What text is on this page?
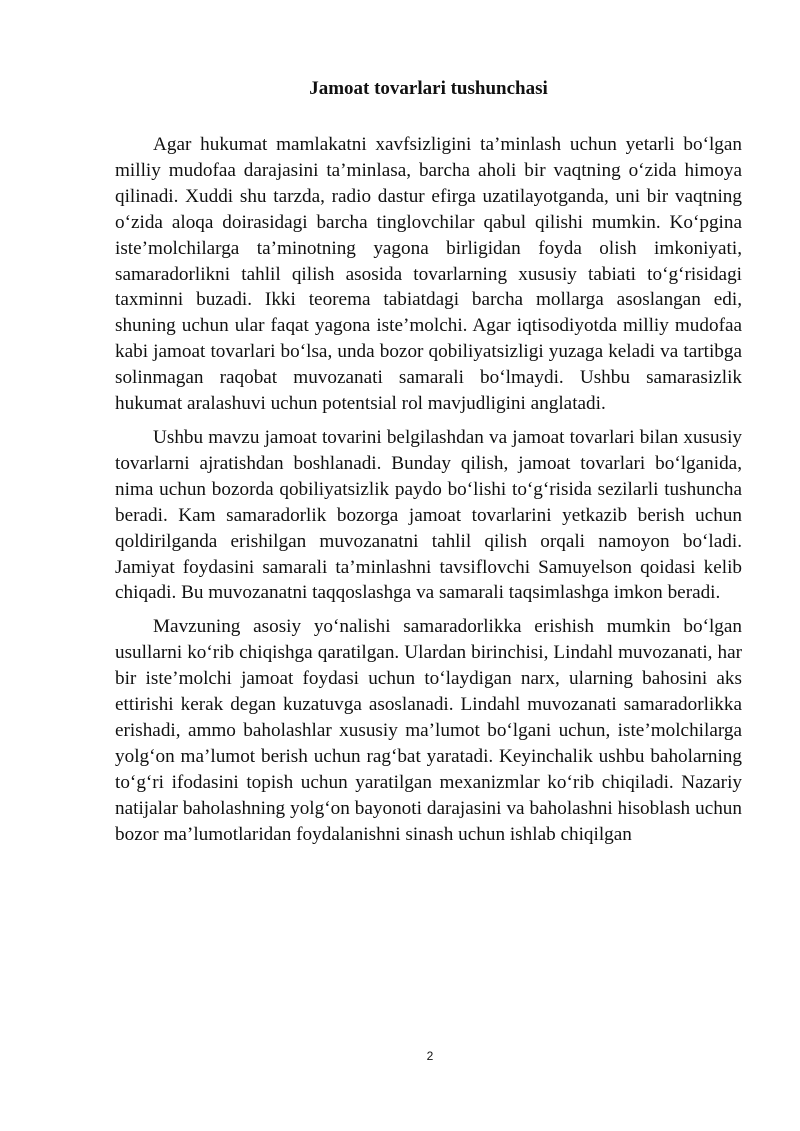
Jamoat tovarlari tushunchasi

Agar hukumat mamlakatni xavfsizligini ta’minlash uchun yetarli bo‘lgan milliy mudofaa darajasini ta’minlasa, barcha aholi bir vaqtning o‘zida himoya qilinadi. Xuddi shu tarzda, radio dastur efirga uzatilayotganda, uni bir vaqtning o‘zida aloqa doirasidagi barcha tinglovchilar qabul qilishi mumkin. Ko‘pgina iste’molchilarga ta’minotning yagona birligidan foyda olish imkoniyati, samaradorlikni tahlil qilish asosida tovarlarning xususiy tabiati to‘g‘risidagi taxminni buzadi. Ikki teorema tabiatdagi barcha mollarga asoslangan edi, shuning uchun ular faqat yagona iste’molchi. Agar iqtisodiyotda milliy mudofaa kabi jamoat tovarlari bo‘lsa, unda bozor qobiliyatsizligi yuzaga keladi va tartibga solinmagan raqobat muvozanati samarali bo‘lmaydi. Ushbu samarasizlik hukumat aralashuvi uchun potentsial rol mavjudligini anglatadi.

Ushbu mavzu jamoat tovarini belgilashdan va jamoat tovarlari bilan xususiy tovarlarni ajratishdan boshlanadi. Bunday qilish, jamoat tovarlari bo‘lganida, nima uchun bozorda qobiliyatsizlik paydo bo‘lishi to‘g‘risida sezilarli tushuncha beradi. Kam samaradorlik bozorga jamoat tovarlarini yetkazib berish uchun qoldirilganda erishilgan muvozanatni tahlil qilish orqali namoyon bo‘ladi. Jamiyat foydasini samarali ta’minlashni tavsiflovchi Samuyelson qoidasi kelib chiqadi. Bu muvozanatni taqqoslashga va samarali taqsimlashga imkon beradi.

Mavzuning asosiy yo‘nalishi samaradorlikka erishish mumkin bo‘lgan usullarni ko‘rib chiqishga qaratilgan. Ulardan birinchisi, Lindahl muvozanati, har bir iste’molchi jamoat foydasi uchun to‘laydigan narx, ularning bahosini aks ettirishi kerak degan kuzatuvga asoslanadi. Lindahl muvozanati samaradorlikka erishadi, ammo baholashlar xususiy ma’lumot bo‘lgani uchun, iste’molchilarga yolg‘on ma’lumot berish uchun rag‘bat yaratadi. Keyinchalik ushbu baholarning to‘g‘ri ifodasini topish uchun yaratilgan mexanizmlar ko‘rib chiqiladi. Nazariy natijalar baholashning yolg‘on bayonoti darajasini va baholashni hisoblash uchun bozor ma’lumotlaridan foydalanishni sinash uchun ishlab chiqilgan

2
